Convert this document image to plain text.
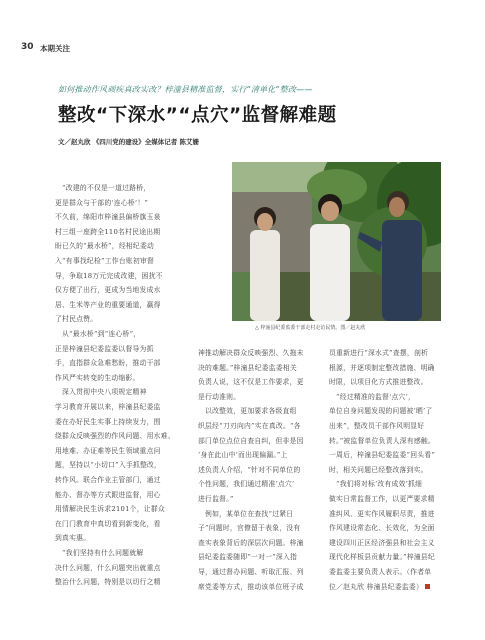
30 本期关注
如何推动作风顽疾真改实改？梓潼县精准监督，实行“清单化”整改——
整改“下深水”“点穴”监督解难题
文／赵丸欣 《四川党的建设》全媒体记者 陈艾姗
△ 梓潼县纪委监委干部走村走访民情。图／赵丸欣

　“改建的不仅是一道过路桥，

更是群众与干部的‘连心桥’！”

不久前，绵阳市梓潼县偏桥旗玉泉

村三组一座跨全110名村民途出期

盼已久的“最水桥”，经相纪委动

入“有事找纪检”工作台账初审督

导，争取18万元完成改建，困扰不

仅方便了出行，更成为当地发成水

居、生米等产业的重要通道，赢得

了村民点赞。

　从“最水桥”到“连心桥”，

正是梓潼县纪委监委以督导为抓

手，直指群众急难愁盼，推动干部

作风严实转变的生动缩影。

　深入贯彻中央八项规定精神

学习教育开展以来，梓潼县纪委监

委在办好民生实事上持续发力，围

绕群众反映强烈的作风问题、用水难、

用地难、办证难等民生领域重点问

题，坚持以“小切口”入手抓整改，

转作风。联合作业主管部门，通过

能办、督办等方式跟进监督，用心

用情解决民生诉求2101个，让群众

在门门教育中真切看到新变化，看

到真实惠。

　“我们坚持有什么问题就解

决什么问题，什么问题突出就重点

整治什么问题，特别是以切行之精

神推动解决群众反映强烈、久拖未

决的难题。”梓潼县纪委监委相关

负责人说，这不仅是工作要求，更

是行动准则。

　以改整效，更加要求各级直组

织层经“刀刃向内”实在真改。“各

部门单位点位自查自纠，但非是因

‘身在此山中’而出现偏漏。”上

述负责人介绍，“针对不同单位的

个性问题，我们通过精准‘点穴’

进行监督。”

　例如，某单位在查找“过紧日

子”问题时，官僚留于表象，没有

查实表象背后的深层次问题。梓潼

县纪委监委随即“一对一”深入指

导，通过督办问题、听取汇报、列

席党委等方式，推动该单位班子成

员重新进行“深水式”查摆，剖析

根源，并逐项制定整改措施、明确

时限，以项目化方式推进整改。

　“经过精准的监督‘点穴’，

单位自身问题发现的问题被‘晒’了

出来”，整改员干部作风明显好

转。”被监督单位负责人深有感触。

一周后，梓潼县纪委监委“回头看”

时，相关问题已经整改落到实。

　“我们将对标‘改有成效’抓细

做实日常监督工作，以更严要求精

准纠风、更实作风履职尽责，推进

作风建设常态化、长效化，为全面

建设四川正区经济强县和社会主义

现代化样板县贡献力量。”梓潼县纪

委监委主要负责人表示。（作者单

位／赵丸欣 梓潼县纪委监委）
